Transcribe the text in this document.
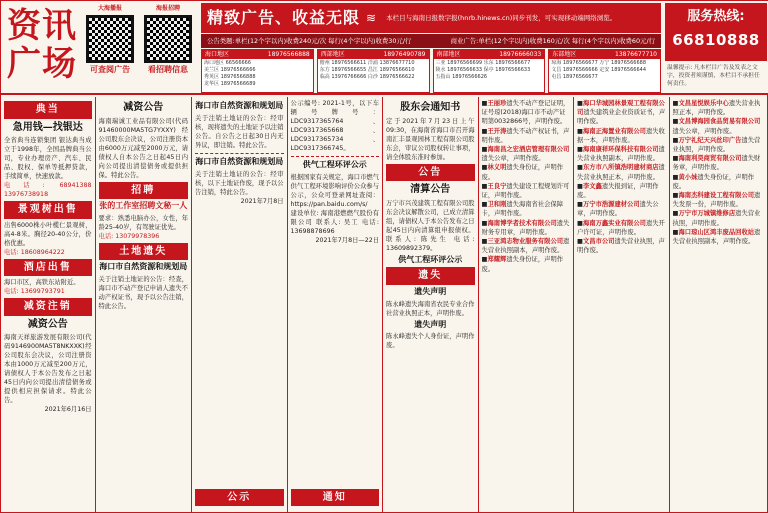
资讯广场
大海播报
可查阅广告
海报招聘
看招聘信息
精致广告、收益无限 ≋ 本栏目与海南日报数字报(hnrb.hinews.cn)同步刊发，可实现移动端网络浏览。
公告类题:单栏(12个字以内)收费240元/次 每行(4个字以内)收费30元/行	商业广告:单栏(12个字以内)收费160元/次 每行(4个字以内)收费60元/行
服务热线:
66810888
海口地区	18976566888
海口地区 66566666
美兰区 18976566666
秀英区 18976566888
龙华区 18976566689
西部地区	18976490789
儋州 18976566611 洋浦 13876677710
东方 18976566655 昌江 18976566610
临高 13976766666 白沙 18976566622
南部地区	18976666033
三亚 18976566699 乐东 18976566677
陵水 18976566633 保亭 18976566633
五指山 18976566626
东部地区	13876677710
琼海 18976566677 万宁 18976566688
文昌 18976566666 定安 18976566644
屯昌 18976566677
温馨提示: 凡本栏目广告及发表之文字，投资者须谨慎，本栏目不承担任何责任。
典当
急用钱—找银达
全省典当连锁集团 银达典当成立于1998年，全国品牌典当公司，专业办理房产、汽车、民品、股权、保单等抵押贷款，手续简单，快速放款。
电话: 68941388 13976738918
景观树出售
出售6000株小叶榄仁景观树，高4-8米。胸径20-40公分，价格优惠。
电话: 18608964222
酒店出售
海口市区，高铁东站附近。
电话: 13699793791
减资注销
减资公告
海南天祥旅游发展有限公司(代码9146900MA5T8NKXXK)经公司股东会决议，公司注册资本由1000万元减至200万元，请债权人于本公告发布之日起45日内向公司提出清偿债务或提供相应担保请求。特此公告。
2021年6月16日
减资公告
海南瑞诚工业品有限公司(代码91460000MA5TG7YXXY)经公司股东会决议，公司注册资本由6000万元减至2000万元，请债权人自本公告之日起45日内向公司提出清偿债务或提供担保。特此公告。
招聘
张的工作室招聘文秘一人
要求：熟悉电脑办公，女性，年龄25-40岁，有驾驶证优先。
电话: 13079978396
土地遗失
海口市自然资源和规划局
关于注销土地证的公告：经查，海口市不动产登记申请人遗失不动产权证书，现予以公告注销，特此公告。
海口市自然资源和规划局
关于注销土地证的公告：经审核，现将遗失的土地证予以注销公告。自公告之日起30日内无异议，即注销。特此公告。
海口市自然资源和规划局
关于注销土地证的公告：经审核，以下土地证作废，现予以公告注销，特此公告。
2021年7月8日
公示
公示编号: 2021-1号，以下车辆号牌号：LDC9317365764、LDC9317365668、LDC9317365734、LDC9317366745。
供气工程环评公示
根据国家有关规定，海口市燃气供气工程环境影响评价公众参与公示，公众可登录网址查阅：https://pan.baidu.com/s/
建设单位: 海南港燃燃气股份有限公司 联系人: 吴工 电话: 13698878696
2021年7月8日—22日
通知
股东会通知书
定于2021年7月23日上午09:30，在海南省海口市召开海南汇丰景观园林工程有限公司股东会，审议公司股权转让事项，请全体股东准时参加。
公告
清算公告
万宁市兴茂建筑工程有限公司股东会决议解散公司，已成立清算组，请债权人于本公告发布之日起45日内向清算组申报债权。联系人: 陈先生 电话: 13609892379。
供气工程环评公示
遗失
遗失声明
陈永峰遗失海南省农民专业合作社营业执照正本，声明作废。
遗失声明
陈永峰遗失个人身份证，声明作废。
■王丽珍遗失不动产登记证明，证号琼(2018)海口市不动产证明第0032866号，声明作废。
■王开涛遗失不动产权证书，声明作废。
■海南昌之宏酒店管理有限公司遗失公章，声明作废。
■林义明遗失身份证，声明作废。
■王良宁遗失建设工程规划许可证，声明作废。
■卫和刚遗失海南省社会保障卡，声明作废。
■海南博学者技术有限公司遗失财务专用章，声明作废。
■三亚鸿志物业服务有限公司遗失营业执照副本，声明作废。
■郑耀辉遗失身份证，声明作废。
■海口华城园林景观工程有限公司遗失建筑业企业资质证书，声明作废。
■海南正海置业有限公司遗失收据一本，声明作废。
■海南康祥环保科技有限公司遗失营业执照副本，声明作废。
■东方市八所镇浩明建材商店遗失营业执照正本，声明作废。
■李文鑫遗失报到证，声明作废。
■万宁市浩源建材公司遗失公章，声明作废。
■海南万鑫实业有限公司遗失开户许可证，声明作废。
■文昌市公司遗失营业执照，声明作废。
■文昌星悦娱乐中心遗失营业执照正本，声明作废。
■文昌博海园食品贸易有限公司遗失公章，声明作废。
■万宁礼纪天兴丝印广告遗失营业执照，声明作废。
■海南利昊商贸有限公司遗失财务章，声明作废。
■黄小妹遗失身份证，声明作废。
■海南杰科建设工程有限公司遗失发票一份，声明作废。
■万宁市万城镇维修店遗失营业执照，声明作废。
■海口琼山区鸿丰废品回收站遗失营业执照副本，声明作废。
